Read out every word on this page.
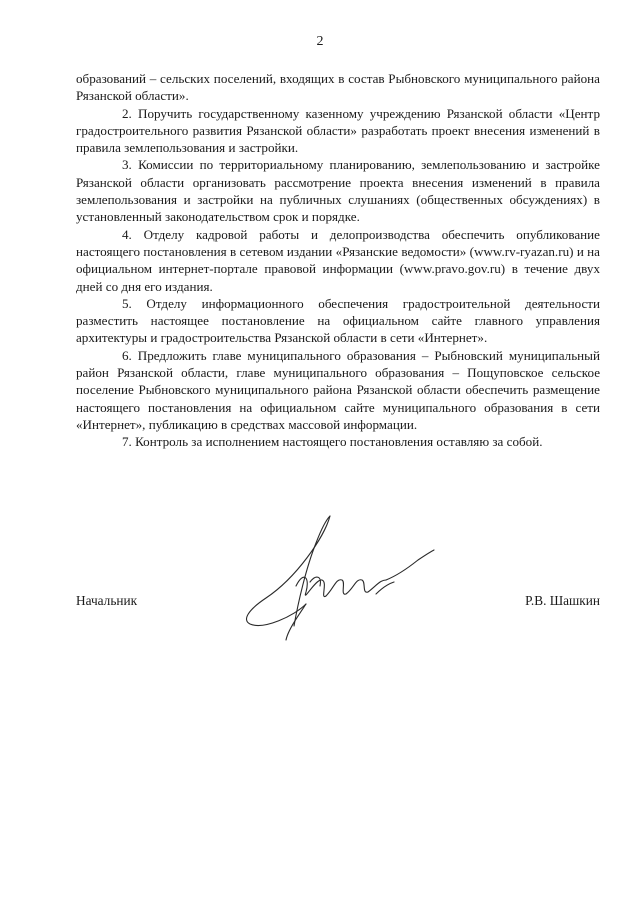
2

образований – сельских поселений, входящих в состав Рыбновского муниципального района Рязанской области».

2. Поручить государственному казенному учреждению Рязанской области «Центр градостроительного развития Рязанской области» разработать проект внесения изменений в правила землепользования и застройки.

3. Комиссии по территориальному планированию, землепользованию и застройке Рязанской области организовать рассмотрение проекта внесения изменений в правила землепользования и застройки на публичных слушаниях (общественных обсуждениях) в установленный законодательством срок и порядке.

4. Отделу кадровой работы и делопроизводства обеспечить опубликование настоящего постановления в сетевом издании «Рязанские ведомости» (www.rv-ryazan.ru) и на официальном интернет-портале правовой информации (www.pravo.gov.ru) в течение двух дней со дня его издания.

5. Отделу информационного обеспечения градостроительной деятельности разместить настоящее постановление на официальном сайте главного управления архитектуры и градостроительства Рязанской области в сети «Интернет».

6. Предложить главе муниципального образования – Рыбновский муниципальный район Рязанской области, главе муниципального образования – Пощуповское сельское поселение Рыбновского муниципального района Рязанской области обеспечить размещение настоящего постановления на официальном сайте муниципального образования в сети «Интернет», публикацию в средствах массовой информации.

7. Контроль за исполнением настоящего постановления оставляю за собой.

Начальник	Р.В. Шашкин
